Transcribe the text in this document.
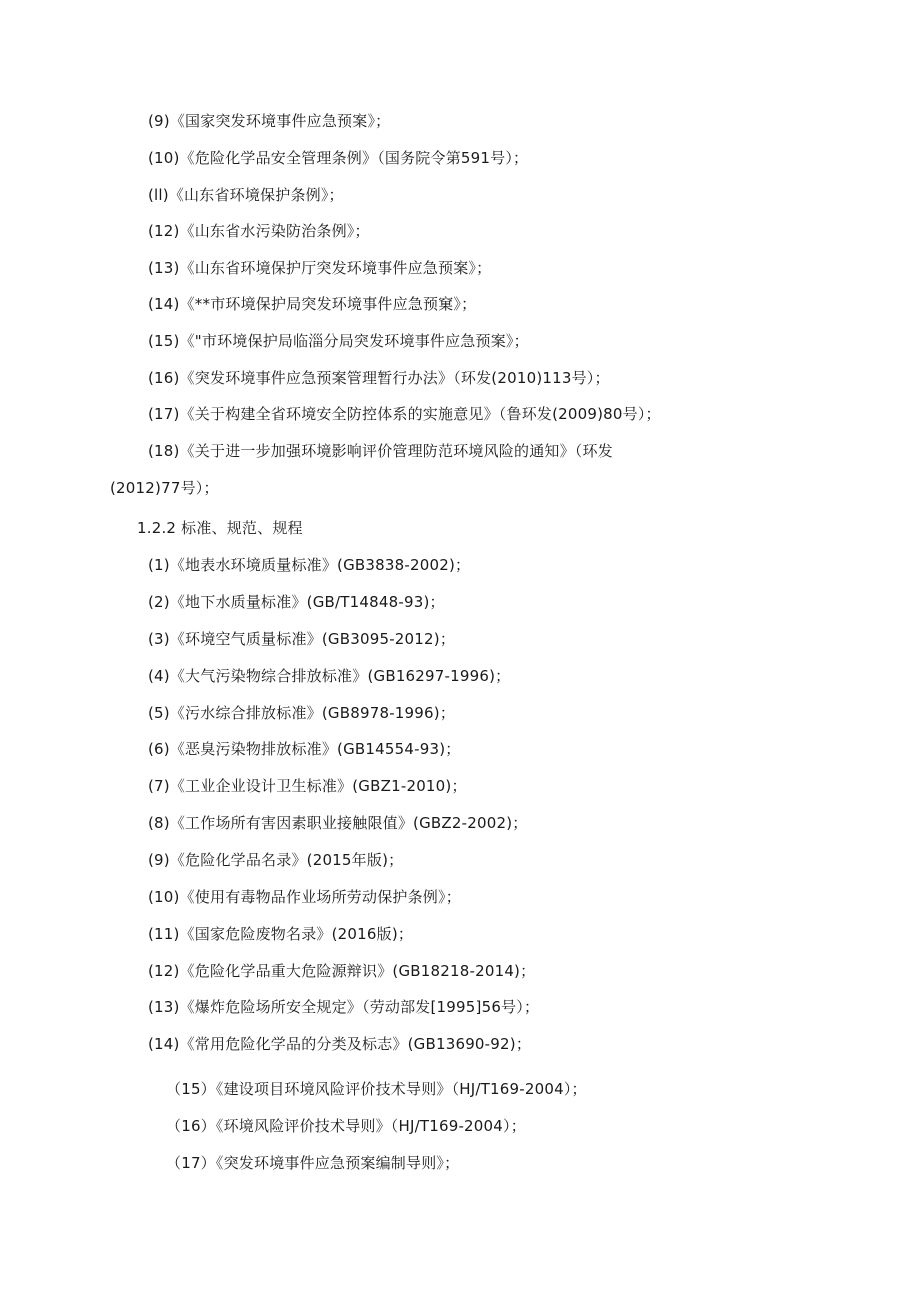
(9)《国家突发环境事件应急预案》；
(10)《危险化学品安全管理条例》（国务院令第591号）；
(ll)《山东省环境保护条例》；
(12)《山东省水污染防治条例》；
(13)《山东省环境保护厅突发环境事件应急预案》；
(14)《**市环境保护局突发环境事件应急预窠》；
(15)《"市环境保护局临淄分局突发环境事件应急预案》；
(16)《突发环境事件应急预案管理暂行办法》（环发(2010)113号）；
(17)《关于构建全省环境安全防控体系的实施意见》（鲁环发(2009)80号）；
(18)《关于进一步加强环境影响评价管理防范环境风险的通知》（环发
(2012)77号）；
1.2.2 标准、规范、规程
(1)《地表水环境质量标准》(GB3838-2002)；
(2)《地下水质量标准》(GB/T14848-93)；
(3)《环境空气质量标准》(GB3095-2012)；
(4)《大气污染物综合排放标准》(GB16297-1996)；
(5)《污水综合排放标准》(GB8978-1996)；
(6)《恶臭污染物排放标准》(GB14554-93)；
(7)《工业企业设计卫生标准》(GBZ1-2010)；
(8)《工作场所有害因素职业接触限值》(GBZ2-2002)；
(9)《危险化学品名录》(2015年版)；
(10)《使用有毒物品作业场所劳动保护条例》；
(11)《国家危险废物名录》(2016版)；
(12)《危险化学品重大危险源辩识》(GB18218-2014)；
(13)《爆炸危险场所安全规定》（劳动部发[1995]56号）；
(14)《常用危险化学品的分类及标志》(GB13690-92)；
（15）《建设项目环境风险评价技术导则》（HJ/T169-2004）；
（16）《环境风险评价技术导则》（HJ/T169-2004）；
（17）《突发环境事件应急预案编制导则》；
